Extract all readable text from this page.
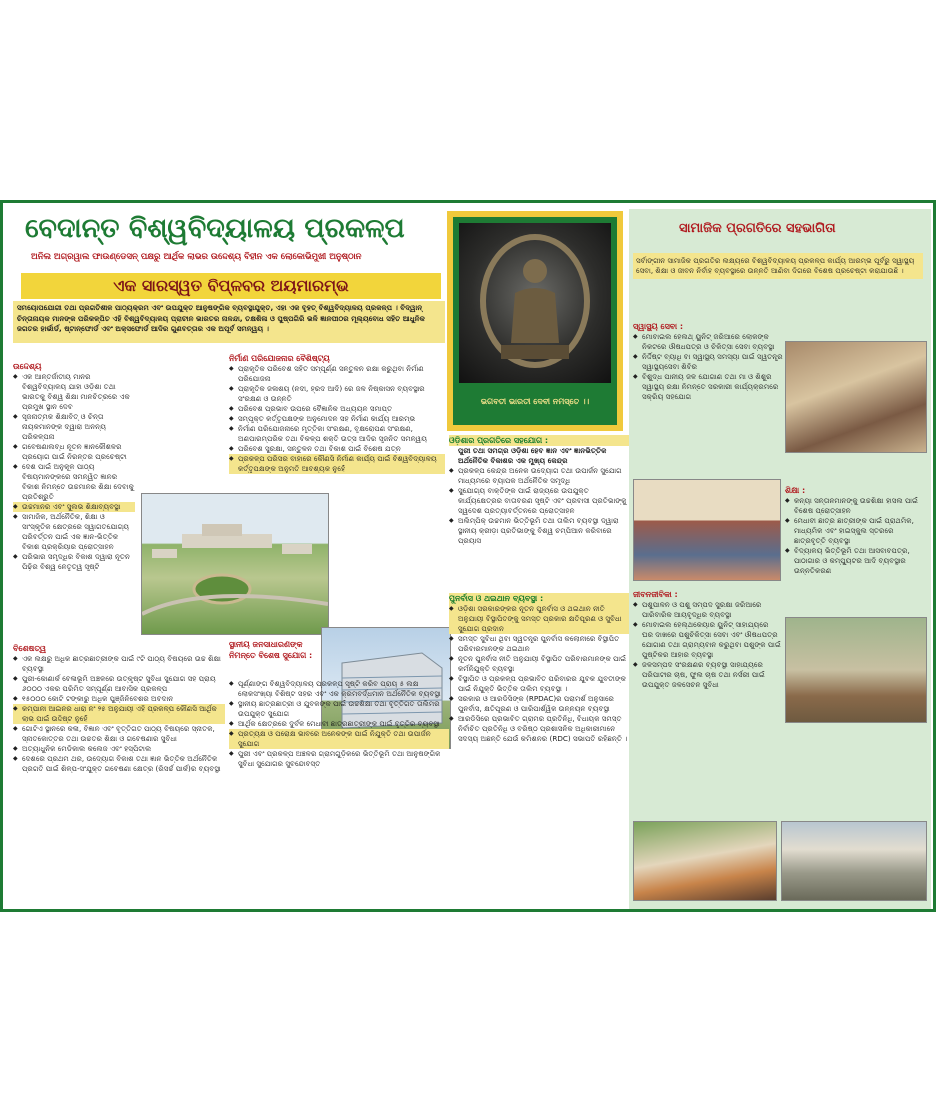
ବେଦାନ୍ତ ବିଶ୍ୱବିଦ୍ୟାଳୟ ପ୍ରକଳ୍ପ
ଅନିଲ ଅଗ୍ରୱାଲ ଫାଉଣ୍ଡେସନ୍ ପକ୍ଷରୁ ଆର୍ଥିକ ଲାଭର ଉଦ୍ଦେଶ୍ୟ ବିହୀନ ଏକ ଲୋକୋଭିମୁଖୀ ଅନୁଷ୍ଠାନ
ଏକ ସାରସ୍ୱତ ବିପ୍ଳବର ଅୟମାରମ୍ଭ
ସମୟୋପଯୋଗୀ ତଥା ପ୍ରଗତିଶୀଳ ପାଠ୍ୟକ୍ରମ ଏବଂ ଉପଯୁକ୍ତ ଆନୁଷଙ୍ଗିକ ବ୍ୟବସ୍ଥାଯୁକ୍ତ, ଏହା ଏକ ବୃହତ୍ ବିଶ୍ୱବିଦ୍ୟାଳୟ ପ୍ରକଳ୍ପ । ବିଦ୍ୱାନ୍ ଚିନ୍ତାନାୟକ ମାନଙ୍କ ପରିକଳ୍ପିତ ଏହି ବିଶ୍ୱବିଦ୍ୟାଳୟ ପ୍ରାଚୀନ ଭାରତର ନାଳନ୍ଦା, ତକ୍ଷଶିଳା ଓ ପୁଷ୍ପଗିରି ଭଳି ଜ୍ଞାନପୀଠର ମୂଲ୍ୟବୋଧ ସହିତ ଆଧୁନିକ ଜଗତର ହାର୍ଭାର୍ଡ, ଷ୍ଟାନ୍‌ଫୋର୍ଡ ଏବଂ ଅକ୍ସଫୋର୍ଡ ଆଦିର ଗୁଣବତ୍ତାର ଏକ ଅପୂର୍ବ ସମନ୍ୱୟ ।
ଉଦ୍ଦେଶ୍ୟ
◆ ଏକ ଆନ୍ତର୍ଜାତୀୟ ମାନର ବିଶ୍ୱବିଦ୍ୟାଳୟ ଯାହା ଓଡ଼ିଶା ତଥା ଭାରତକୁ ବିଶ୍ୱ ଶିକ୍ଷା ମାନଚିତ୍ରରେ ଏକ ପ୍ରମୁଖ ସ୍ଥାନ ଦେବ
◆ ସୃଜନାତ୍ମକ ଶିକ୍ଷାବିତ୍ ଓ ଚିନ୍ତା ନାୟକମାନଙ୍କ ଦ୍ୱାରା ଅନନ୍ୟ ପରିକଳ୍ପନା
◆ ଗବେଷଣାଲବ୍ଧ ନୂତନ ଜ୍ଞାନକୌଶଳର ପ୍ରୟୋଗ ପାଇଁ ନିରନ୍ତର ପ୍ରଚେଷ୍ଟା
◆ ଦେଶ ପାଇଁ ଅନୁକୂଳ ପାଠ୍ୟ ବିଷୟମାନଙ୍କରେ ସମନ୍ୱିତ ଜ୍ଞାନର ବିକାଶ ନିମନ୍ତେ ଉଚ୍ଚମାନର ଶିକ୍ଷା ଦେବାକୁ ପ୍ରତିଶ୍ରୁତି
◆ ଉଚ୍ଚମାନର ଏବଂ ସୁଲଭ ଶିକ୍ଷାବ୍ୟବସ୍ଥା
◆ ସାମାଜିକ, ଅର୍ଥନୈତିକ, ଶିକ୍ଷା ଓ ସାଂସ୍କୃତିକ କ୍ଷେତ୍ରରେ ସ୍ୱାଗତଯୋଗ୍ୟ ପରିବର୍ତ୍ତନ ପାଇଁ ଏକ ଜ୍ଞାନ-ଭିତ୍ତିକ ବିକାଶ ପ୍ରକ୍ରିୟାର ପ୍ରୋତ୍ସାହନ
◆ ପରିଭାର ସମୃଦ୍ଧିର ବିକାଶ ଦ୍ୱାରା ନୂତନ ପିଢ଼ିର ବିଶ୍ୱ ନେତୃତ୍ୱ ସୃଷ୍ଟି
ବିଶେଷତ୍ୱ
◆ ଏକ ଲକ୍ଷରୁ ଅଧିକ ଛାତ୍ରଛାତ୍ରୀଙ୍କ ପାଇଁ ୯ଟି ପାଠ୍ୟ ବିଷୟରେ ଉଚ୍ଚ ଶିକ୍ଷା ବ୍ୟବସ୍ଥା
◆ ପୁରୀ-କୋଣାର୍କ ବେଳାଭୂମି ଅଞ୍ଚଳରେ ଉତ୍କୃଷ୍ଟ ସୁବିଧା ସୁଯୋଗ ସହ ପ୍ରାୟ ୬୦୦୦ ଏକର ପରିମିତ ସମ୍ପୂର୍ଣ୍ଣ ଆବାସିକ ପ୍ରକଳ୍ପ
◆ ୧୫୦୦୦ କୋଟି ଟଙ୍କାରୁ ଅଧିକ ପୁଞ୍ଜିନିବେଶର ଅବଦାନ
◆ କମ୍ପାନୀ ଆଇନର ଧାରା ନଂ ୨୫ ଅନୁଯାୟୀ ଏହି ପ୍ରକଳ୍ପ କୌଣସି ଆର୍ଥିକ ଲାଭ ପାଇଁ ଉଦ୍ଦିଷ୍ଟ ନୁହେଁ
◆ ଗୋଟିଏ ସ୍ଥାନରେ କଳା, ବିଜ୍ଞାନ ଏବଂ ବୃତ୍ତିଗତ ପାଠ୍ୟ ବିଷୟରେ ସ୍ନାତକ, ସ୍ନାତକୋତ୍ତର ତଥା ଉଚ୍ଚତର ଶିକ୍ଷା ଓ ଗବେଷଣାର ସୁବିଧା
◆ ଅତ୍ୟାଧୁନିକ ମେଡିକାଲ କଲେଜ ଏବଂ ହସ୍ପିଟାଲ
◆ ଦେଶରେ ପ୍ରଥମ ଥର, ଉଦ୍ୟୋଗ ବିକାଶ ତଥା ଜ୍ଞାନ ଭିତ୍ତିକ ଅର୍ଥନୈତିକ ପ୍ରଗତି ପାଇଁ ଶିଳ୍ପ-ସଂଯୁକ୍ତ ଗବେଷଣା କ୍ଷେତ୍ର (ରିସର୍ଚ୍ଚ ପାର୍କ)ର ବ୍ୟବସ୍ଥା
ନିର୍ମାଣ ପରିଯୋଜନାର ବୈଶିଷ୍ଟ୍ୟ
◆ ପ୍ରାକୃତିକ ପରିବେଶ ସହିତ ସମ୍ପୂର୍ଣ୍ଣ ସନ୍ତୁଳନ ରକ୍ଷା କରୁଥିବା ନିର୍ମାଣ ପରିଯୋଜନା
◆ ପ୍ରାକୃତିକ ଜଳାଶୟ (ନଦୀ, ହ୍ରଦ ଆଦି) ରେ ଜଳ ନିଷ୍କାସନ ବ୍ୟବସ୍ଥାର ସଂରକ୍ଷଣ ଓ ଉନ୍ନତି
◆ ପରିବେଶ ପ୍ରଭାବ ଉପରେ ବୈଜ୍ଞାନିକ ଅଧ୍ୟୟନ ସମାପ୍ତ
◆ ସମ୍ପୃକ୍ତ କର୍ତ୍ତୃପକ୍ଷଙ୍କ ଅନୁମୋଦନ ସହ ନିର୍ମାଣ କାର୍ଯ୍ୟ ଆରମ୍ଭ
◆ ନିର୍ମାଣ ପରିଯୋଜନାରେ ମୃତ୍ତିକା ସଂରକ୍ଷଣ, ବୃକ୍ଷରୋପଣ ସଂରକ୍ଷଣ, ଅଣପାରମ୍ପରିକ ତଥା ବିକଳ୍ପ ଶକ୍ତି ଉତ୍ସ ଆଦିର ସୃଜନିତ ସମନ୍ୱୟ
◆ ପରିବେଶ ସୁରକ୍ଷା, ସନ୍ତୁଳନ ତଥା ବିକାଶ ପାଇଁ ବିଶେଷ ଯତ୍ନ
◆ ପ୍ରକଳ୍ପ ପରିସର ବାହାରେ କୌଣସି ନିର୍ମାଣ କାର୍ଯ୍ୟ ପାଇଁ ବିଶ୍ୱବିଦ୍ୟାଳୟ କର୍ତ୍ତୃପକ୍ଷଙ୍କ ଅନୁମତି ଆବଶ୍ୟକ ନୁହେଁ
ସ୍ଥାନୀୟ ଜନସାଧାରଣଙ୍କ ନିମନ୍ତେ ବିଶେଷ ସୁଯୋଗ :
◆ ପୂର୍ଣ୍ଣାଙ୍ଗ ବିଶ୍ୱବିଦ୍ୟାଳୟ ପ୍ରକଳ୍ପ ସୃଷ୍ଟି କରିବ ପ୍ରାୟ ୫ ଲକ୍ଷ ଲୋକସଂଖ୍ୟା ବିଶିଷ୍ଟ ସହର ଏବଂ ଏକ କ୍ରମବର୍ଦ୍ଧମାନ ଅର୍ଥନୈତିକ ବ୍ୟବସ୍ଥା
◆ ସ୍ଥାନୀୟ ଛାତ୍ରଛାତ୍ରୀ ଓ ଯୁବକଙ୍କ ପାଇଁ ଉଚ୍ଚଶିକ୍ଷା ତଥା ବୃତ୍ତିଗତ ତାଲିମର ଉପଯୁକ୍ତ ସୁଯୋଗ
◆ ଆର୍ଥିକ କ୍ଷେତ୍ରରେ ଦୁର୍ବଳ ମେଧାବୀ ଛାତ୍ରଛାତ୍ରୀଙ୍କ ପାଇଁ ବୃତ୍ତିର ବ୍ୟବସ୍ଥା
◆ ପ୍ରତ୍ୟକ୍ଷ ଓ ପରୋକ୍ଷ ଭାବରେ ଅନେକଙ୍କ ପାଇଁ ନିଯୁକ୍ତି ତଥା ଉପାର୍ଜନ ସୁଯୋଗ
◆ ପୁରୀ ଏବଂ ପ୍ରକଳ୍ପ ଅଞ୍ଚଳର ଗ୍ରାମଗୁଡ଼ିକରେ ଭିତ୍ତିଭୂମି ତଥା ଆନୁଷଙ୍ଗିକ ସୁବିଧା ସୁଯୋଗର ସୁବନ୍ଦୋବସ୍ତ
ଭଗବତୀ ଭାରତୀ ଦେବୀ ନମସ୍ତେ ।।
ଓଡ଼ିଶାର ପ୍ରଗତିରେ ସହଯୋଗ :
ପୁରୀ ତଥା ସମଗ୍ର ଓଡ଼ିଶା ହେବ ଜ୍ଞାନ ଏବଂ ଜ୍ଞାନଭିତ୍ତିକ ଅର୍ଥନୈତିକ ବିକାଶର ଏକ ମୁଖ୍ୟ କେନ୍ଦ୍ର
◆ ପ୍ରକଳ୍ପ କେନ୍ଦ୍ର ଅନେକ ଉଦ୍ୟୋଗ ତଥା ଉପାର୍ଜନ ସୁଯୋଗ ମାଧ୍ୟମରେ ବ୍ୟାପକ ଅର୍ଥନୈତିକ ସମୃଦ୍ଧି
◆ ସୁଯୋଗ୍ୟ ବାକ୍ତିଙ୍କ ପାଇଁ ରାଜ୍ୟରେ ଉପଯୁକ୍ତ କାର୍ଯ୍ୟକ୍ଷେତ୍ରର ବାତାବରଣ ସୃଷ୍ଟି ଏବଂ ପ୍ରବାସୀ ପ୍ରତିଭାଙ୍କୁ ସ୍ୱଦେଶ ପ୍ରତ୍ୟାବର୍ତ୍ତନରେ ପ୍ରୋତ୍ସାହନ
◆ ଅଲିମ୍ପିକ୍ ଉଚ୍ଚମାନ ଭିତ୍ତିଭୂମି ତଥା ତାଲିମ ବ୍ୟବସ୍ଥା ଦ୍ୱାରା ସ୍ଥାନୀୟ କ୍ରୀଡ଼ା ପ୍ରତିଭାଙ୍କୁ ବିଶ୍ୱ ଚମ୍ପିଆନ କରିବାରେ ପ୍ରୟାସ
ପୁନର୍ବାସ ଓ ଥଇଥାନ ବ୍ୟବସ୍ଥା :
◆ ଓଡ଼ିଶା ସରକାରଙ୍କର ନୂତନ ପୁନର୍ବାସ ଓ ଥଇଥାନ ନୀତି ଅନୁଯାୟୀ ବିସ୍ଥାପିତଙ୍କୁ ସମସ୍ତ ପ୍ରକାର କ୍ଷତିପୂରଣ ଓ ସୁବିଧା ସୁଯୋଗ ପ୍ରଦାନ
◆ ସମସ୍ତ ସୁବିଧା ଥିବା ସ୍ୱତନ୍ତ୍ର ପୁନର୍ବାସ କଲୋନୀରେ ବିସ୍ଥାପିତ ପରିବାରମାନଙ୍କ ଥଇଥାନ
◆ ନୂତନ ପୁନର୍ବାସ ନୀତି ଅନୁଯାୟୀ ବିସ୍ଥାପିତ ପରିବାରମାନଙ୍କ ପାଇଁ କର୍ମନିଯୁକ୍ତି ବ୍ୟବସ୍ଥା
◆ ବିସ୍ଥାପିତ ଓ ପ୍ରକଳ୍ପ ପ୍ରଭାବିତ ପରିବାରର ଯୁବକ ଯୁବତୀଙ୍କ ପାଇଁ ନିଯୁକ୍ତି ଭିତ୍ତିକ ତାଲିମ ବ୍ୟବସ୍ଥା ।
◆ ସରକାର ଓ ଆରଡିସିଙ୍କ (RPDAC)ର ପରାମର୍ଶ ଅନୁସାରେ ପୁନର୍ବାସ, କ୍ଷତିପୂରଣ ଓ ପାରିପାର୍ଶ୍ୱିକ ଉନ୍ନୟନ ବ୍ୟବସ୍ଥା
◆ ଆରଡିସିରେ ପ୍ରଭାବିତ ଗ୍ରାମର ପ୍ରତିନିଧି, ବିଧାୟକ ସମସ୍ତ ନିର୍ବାଚିତ ପ୍ରତିନିଧି ଓ ବରିଷ୍ଠ ପ୍ରଶାସନିକ ଅଧିକାରୀମାନେ ସଦସ୍ୟ ଅଛନ୍ତି ଯେଉଁ କମିଶନର (RDC) ସଭାପତି ରହିଛନ୍ତି ।
ସାମାଜିକ ପ୍ରଗତିରେ ସହଭାଗିତା
ସର୍ବାଙ୍ଗୀନ ସାମାଜିକ ପ୍ରଗତିର ଲକ୍ଷ୍ୟରେ ବିଶ୍ୱବିଦ୍ୟାଳୟ ପ୍ରକଳ୍ପ କାର୍ଯ୍ୟ ଆରମ୍ଭ ପୂର୍ବରୁ ସ୍ୱାସ୍ଥ୍ୟ ସେବା, ଶିକ୍ଷା ଓ ଜୀବନ ନିର୍ବାହ ବ୍ୟବସ୍ଥାରେ ଉନ୍ନତି ଆଣିବା ଦିଗରେ ବିଶେଷ ପ୍ରଚେଷ୍ଟା କରାଯାଉଛି ।
ସ୍ୱାସ୍ଥ୍ୟ ସେବା :
◆ ମୋବାଇଲ ହେଲଥ୍ ୟୁନିଟ୍ ଜରିଆରେ ଲୋକଙ୍କ ନିକଟରେ ଔଷଧପତ୍ର ଓ ଚିକିତ୍ସା ସେବା ବ୍ୟବସ୍ଥା
◆ ନିର୍ଦ୍ଦିଷ୍ଟ ବ୍ୟାଧି ବା ସ୍ୱାସ୍ଥ୍ୟ ସମସ୍ୟା ପାଇଁ ସ୍ୱତନ୍ତ୍ର ସ୍ୱାସ୍ଥ୍ୟସେବା ଶିବିର
◆ ବିଶୁଦ୍ଧ ପାନୀୟ ଜଳ ଯୋଗାଣ ତଥା ମା ଓ ଶିଶୁର ସ୍ୱାସ୍ଥ୍ୟ ରକ୍ଷା ନିମନ୍ତେ ସରକାରୀ କାର୍ଯ୍ୟକ୍ରମରେ ସକ୍ରିୟ ସହଯୋଗ
ଶିକ୍ଷା :
◆ କନ୍ୟା ସନ୍ତାନମାନଙ୍କୁ ଉଚ୍ଚଶିକ୍ଷା ହାସଲ ପାଇଁ ବିଶେଷ ପ୍ରୋତ୍ସାହନ
◆ ମେଧାବୀ ଛାତ୍ର ଛାତ୍ରୀଙ୍କ ପାଇଁ ପ୍ରାଥମିକ, ମାଧ୍ୟମିକ ଏବଂ ହାଇସ୍କୁଲ ସ୍ତରରେ ଛାତ୍ରବୃତ୍ତି ବ୍ୟବସ୍ଥା
◆ ବିଦ୍ୟାଳୟ ଭିତ୍ତିଭୂମି ତଥା ଆସବାବପତ୍ର, ପାଠାଗାର ଓ କମ୍ପ୍ୟୁଟର ଆଦି ବ୍ୟବସ୍ଥାର ଉନ୍ନତିକରଣ
ଜୀବନଜୀବିକା :
◆ ପଶୁପାଳନ ଓ ପଶୁ ସମ୍ପଦ ସୁରକ୍ଷା ଜରିଆରେ ପାରିବାରିକ ଆୟବୃଦ୍ଧିର ବ୍ୟବସ୍ଥା
◆ ମୋବାଇଲ ହେଲ୍ଥକେୟାର ୟୁନିଟ୍ ସାହାଯ୍ୟରେ ଘର ଦାଖରେ ପଶୁଚିକିତ୍ସା ସେବା ଏବଂ ଔଷଧପତ୍ର ଯୋଗାଣ ତଥା ଗ୍ରାମ୍ୟବାନ କରୁଥିବା ପଶୁଙ୍କ ପାଇଁ ପୁଷ୍ଟିକର ଆହାର ବ୍ୟବସ୍ଥା
◆ ଜଳସମ୍ପଦ ସଂରକ୍ଷଣର ବ୍ୟବସ୍ଥା ସାହାଯ୍ୟରେ ପରିପାଟୀର ଚାଷ, ଫୁଲ ଚାଷ ତଥା ନର୍ସରୀ ପାଇଁ ଉପଯୁକ୍ତ ଜଳସେଚନ ସୁବିଧା
